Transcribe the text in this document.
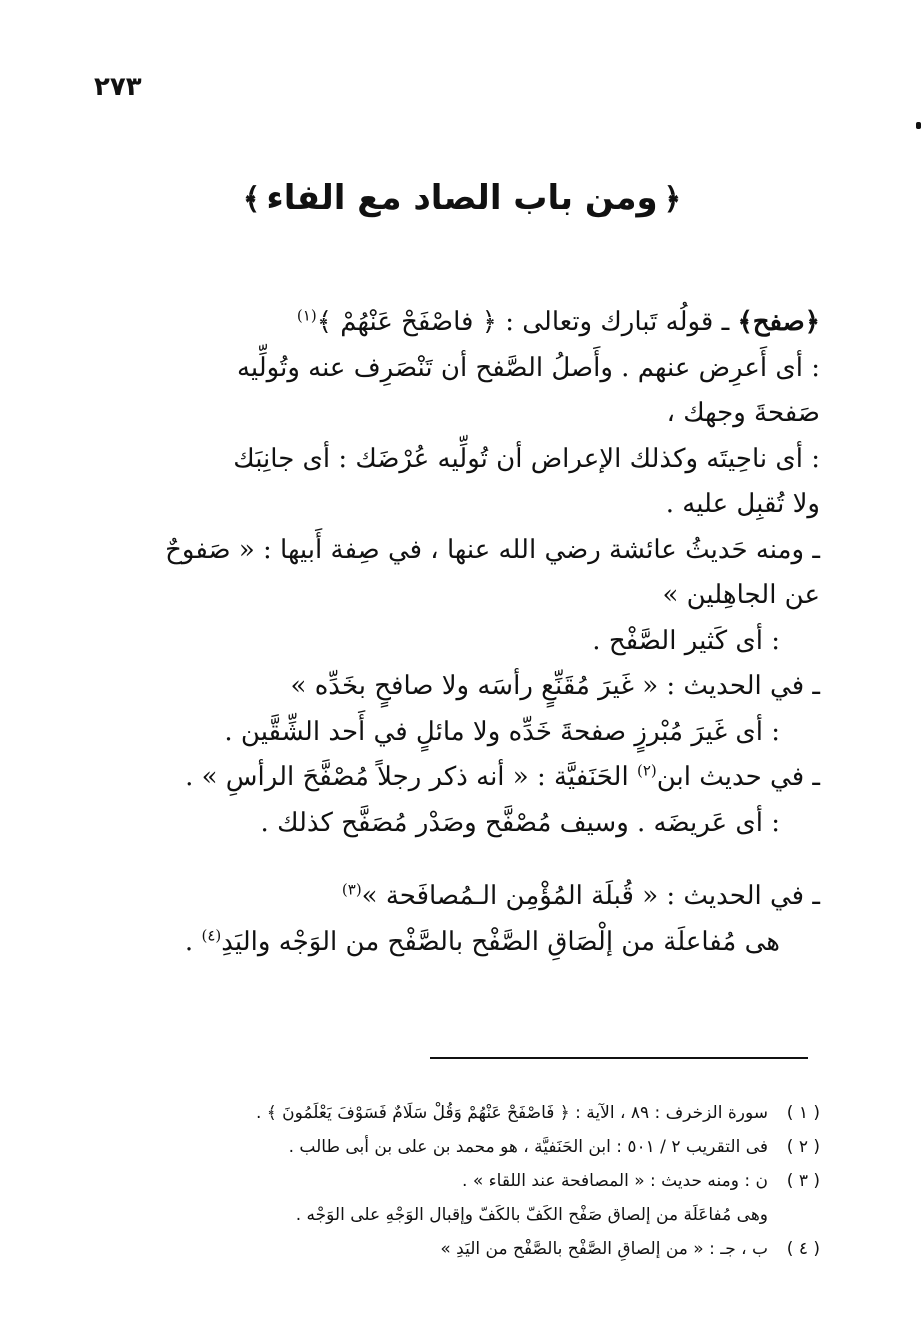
٢٧٣
﴿ومن باب الصاد مع الفاء﴾
﴿صفح﴾ ـ قولُه تَبارك وتعالى : ﴿ فاصْفَحْ عَنْهُمْ ﴾$^{(١)}$
: أى أَعرِض عنهم . وأَصلُ الصَّفح أن تَنْصَرِف عنه وتُولِّيه
صَفحةَ وجهك ،
: أى ناحِيتَه وكذلك الإعراض أن تُولِّيه عُرْضَك : أى جانِبَك
ولا تُقبِل عليه .
ـ ومنه حَديثُ عائشة رضي الله عنها ، في صِفة أَبيها : « صَفوحٌ
عن الجاهِلين »
: أى كَثير الصَّفْح .
ـ في الحديث : « غَيرَ مُقَنِّعٍ رأسَه ولا صافحٍ بخَدِّه »
: أى غَيرَ مُبْرزٍ صفحةَ خَدِّه ولا مائلٍ في أَحد الشِّقَّين .
ـ في حديث ابن$^{(٢)}$ الحَنَفيَّة : « أنه ذكر رجلاً مُصْفَّحَ الرأسِ » .
: أى عَريضَه . وسيف مُصْفَّح وصَدْر مُصَفَّح كذلك .
ـ في الحديث : « قُبلَة المُؤْمِن الـمُصافَحة »$^{(٣)}$
هى مُفاعلَة من إلْصَاقِ الصَّفْح بالصَّفْح من الوَجْه واليَدِ$^{(٤)}$ .
( ١ )سورة الزخرف : ٨٩ ، الآية : ﴿ فَاصْفَحْ عَنْهُمْ وَقُلْ سَلَامٌ فَسَوْفَ يَعْلَمُونَ ﴾ .
( ٢ )فى التقريب ٢ / ٥٠١ : ابن الحَنَفيَّة ، هو محمد بن على بن أبى طالب .
( ٣ )ن : ومنه حديث : « المصافحة عند اللقاء » .
وهى مُفاعَلَة من إلصاق صَفْح الكَفّ بالكَفّ وإقبال الوَجْهِ على الوَجْه .
( ٤ )ب ، جـ : « من إلصاقِ الصَّفْح بالصَّفْح من اليَدِ »
